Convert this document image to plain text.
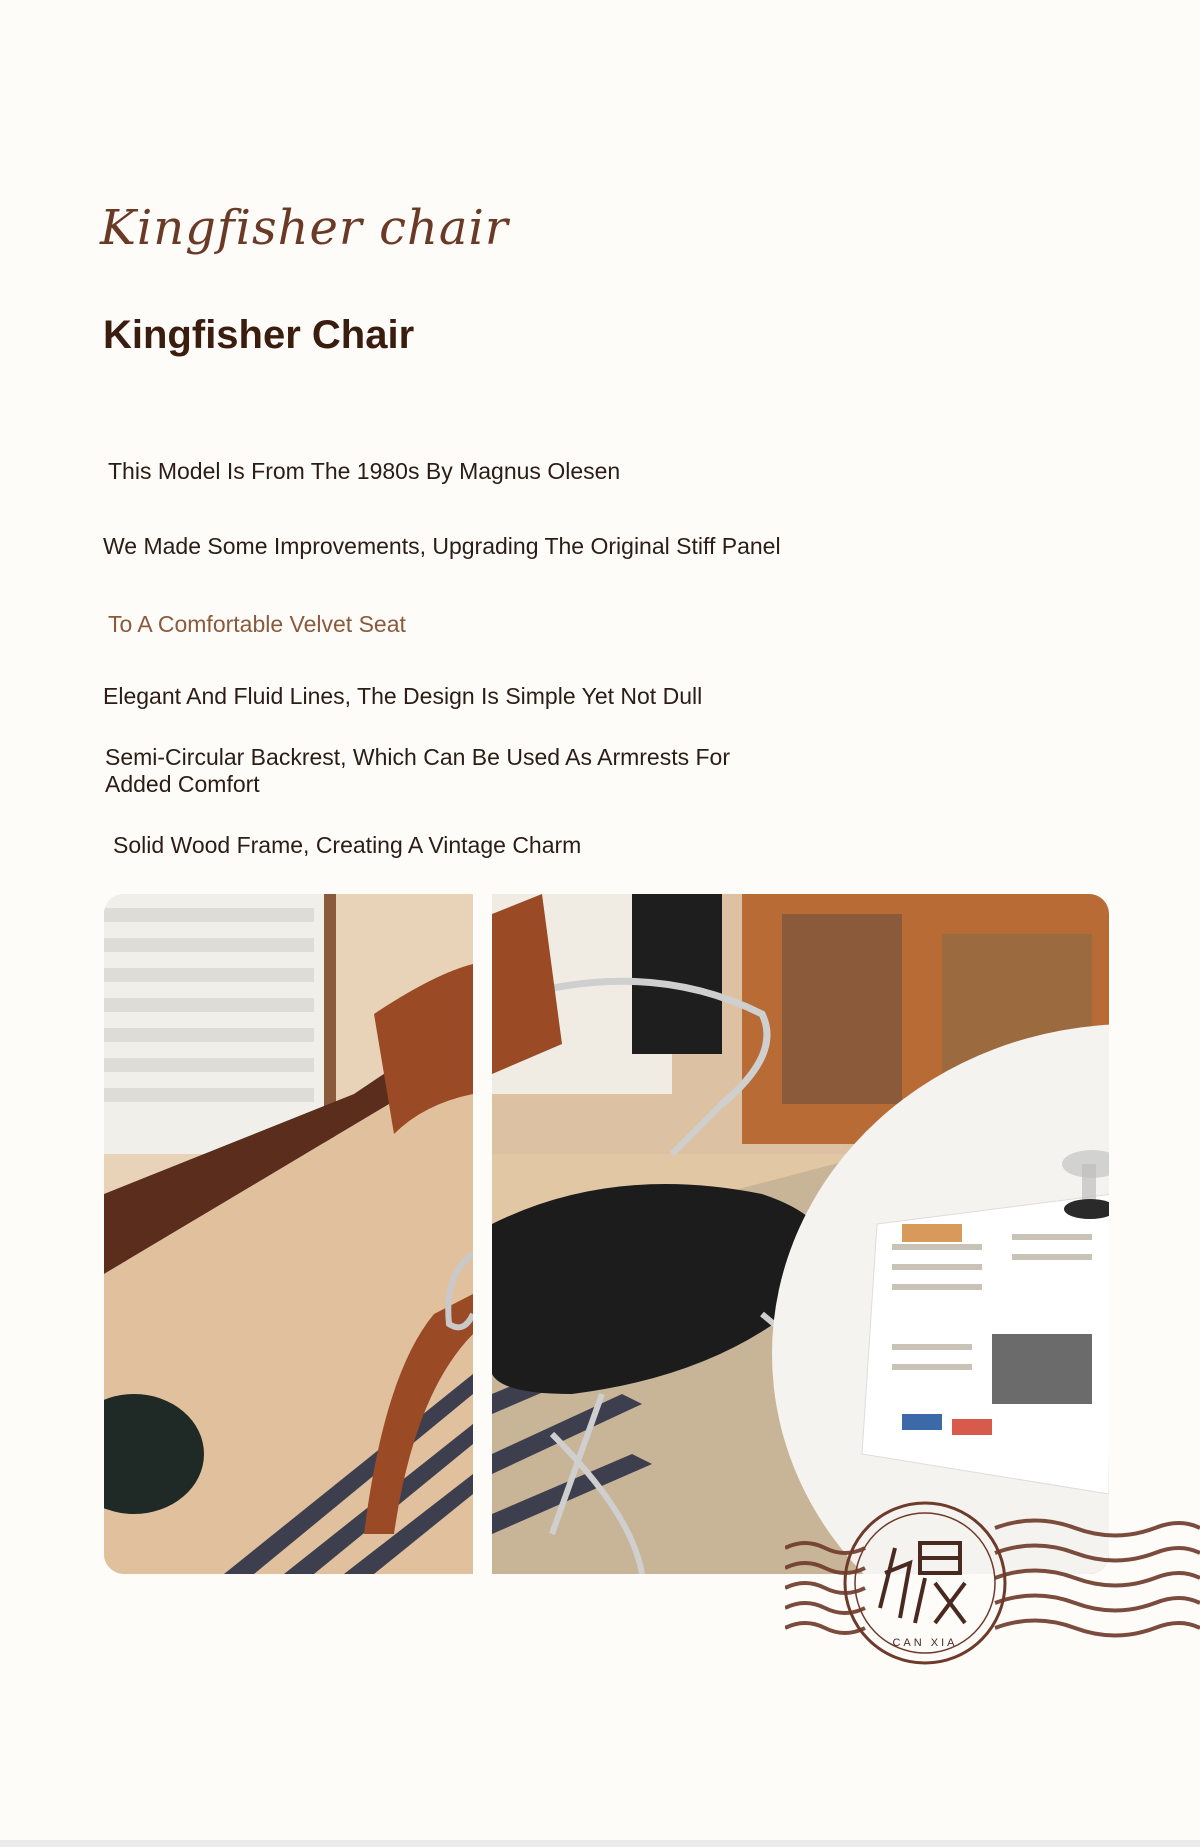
Kingfisher chair
Kingfisher Chair
This Model Is From The 1980s By Magnus Olesen
We Made Some Improvements, Upgrading The Original Stiff Panel
To A Comfortable Velvet Seat
Elegant And Fluid Lines, The Design Is Simple Yet Not Dull
Semi-Circular Backrest, Which Can Be Used As Armrests For Added Comfort
Solid Wood Frame, Creating A Vintage Charm
CAN XIA
